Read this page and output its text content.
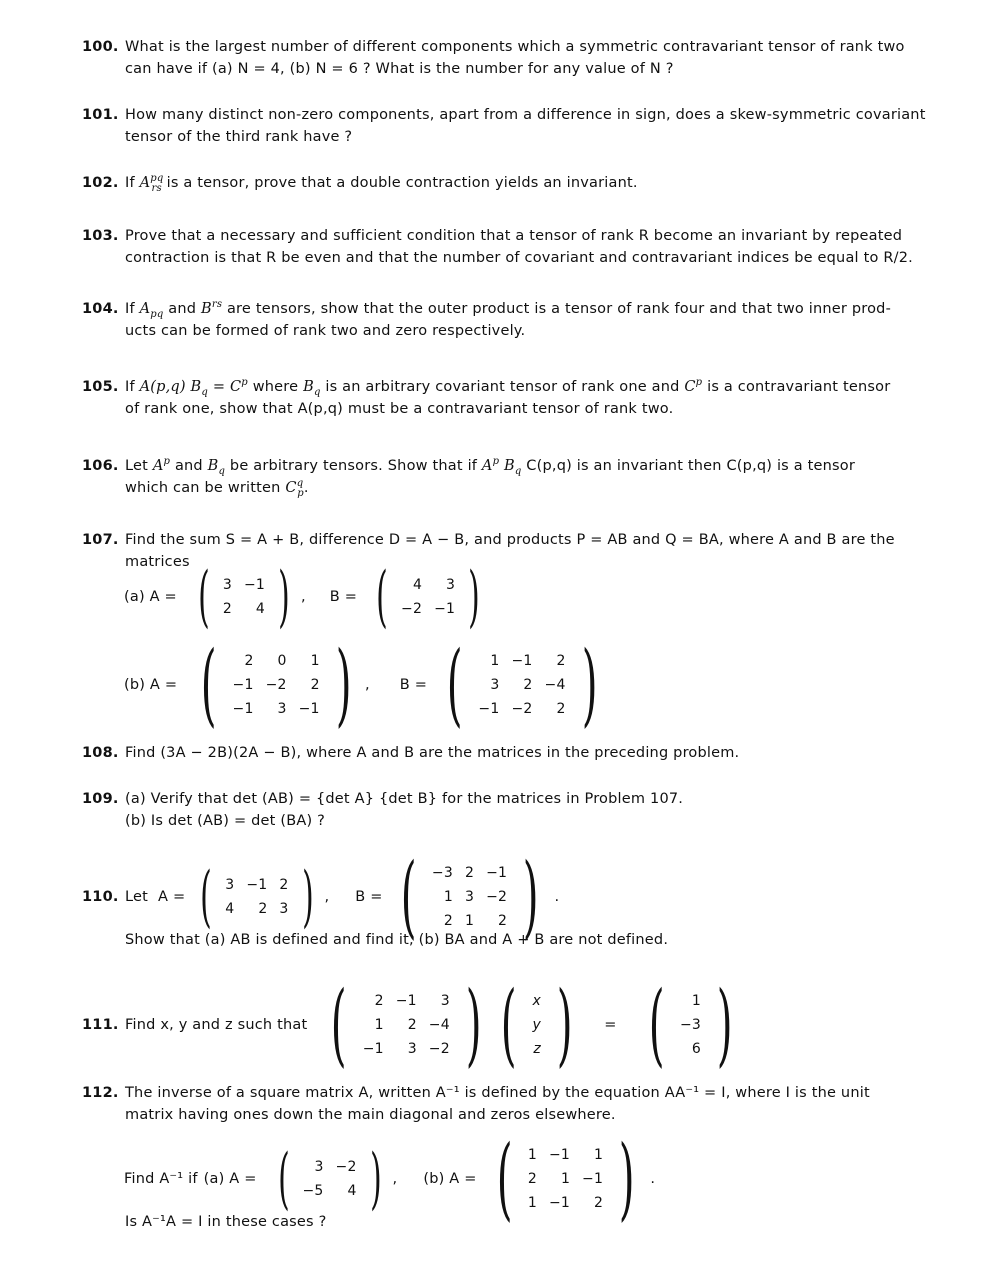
100. What is the largest number of different components which a symmetric contravariant tensor of rank two
can have if (a) N = 4, (b) N = 6 ? What is the number for any value of N ?
101. How many distinct non-zero components, apart from a difference in sign, does a skew-symmetric covariant
tensor of the third rank have ?
102. If $A^{pq}_{rs}$ is a tensor, prove that a double contraction yields an invariant.
103. Prove that a necessary and sufficient condition that a tensor of rank R become an invariant by repeated
contraction is that R be even and that the number of covariant and contravariant indices be equal to R/2.
104. If $A_{pq}$ and $B^{rs}$ are tensors, show that the outer product is a tensor of rank four and that two inner prod-
ucts can be formed of rank two and zero respectively.
105. If A(p,q) $B_q = C^p$ where $B_q$ is an arbitrary covariant tensor of rank one and $C^p$ is a contravariant tensor
of rank one, show that A(p,q) must be a contravariant tensor of rank two.
106. Let $A^p$ and $B_q$ be arbitrary tensors. Show that if $A^p$ $B_q$ C(p,q) is an invariant then C(p,q) is a tensor
which can be written $C^q_p$.
107. Find the sum S = A + B, difference D = A − B, and products P = AB and Q = BA, where A and B are the
matrices
(a) A = ( 3	−1
2	4 ) , B = ( 4	3
−2	−1 )
(b) A = ( 2	0	1
−1	−2	2
−1	3	−1 ) , B = ( 1	−1	2
3	2	−4
−1	−2	2 )
108. Find (3A − 2B)(2A − B), where A and B are the matrices in the preceding problem.
109. (a) Verify that det (AB) = {det A} {det B} for the matrices in Problem 107.
(b) Is det (AB) = det (BA) ?
110. Let A = ( 3	−1	2
4	2	3 ) , B = ( −3	2	−1
1	3	−2
2	1	2 ) .
Show that (a) AB is defined and find it, (b) BA and A + B are not defined.
111. Find x, y and z such that ( 2	−1	3
1	2	−4
−1	3	−2 ) ( x
y
z ) = ( 1
−3
6 )
112. The inverse of a square matrix A, written A⁻¹ is defined by the equation AA⁻¹ = I, where I is the unit
matrix having ones down the main diagonal and zeros elsewhere.
Find A⁻¹ if (a) A = ( 3	−2
−5	4 ) , (b) A = ( 1	−1	1
2	1	−1
1	−1	2 ) .
Is A⁻¹A = I in these cases ?
